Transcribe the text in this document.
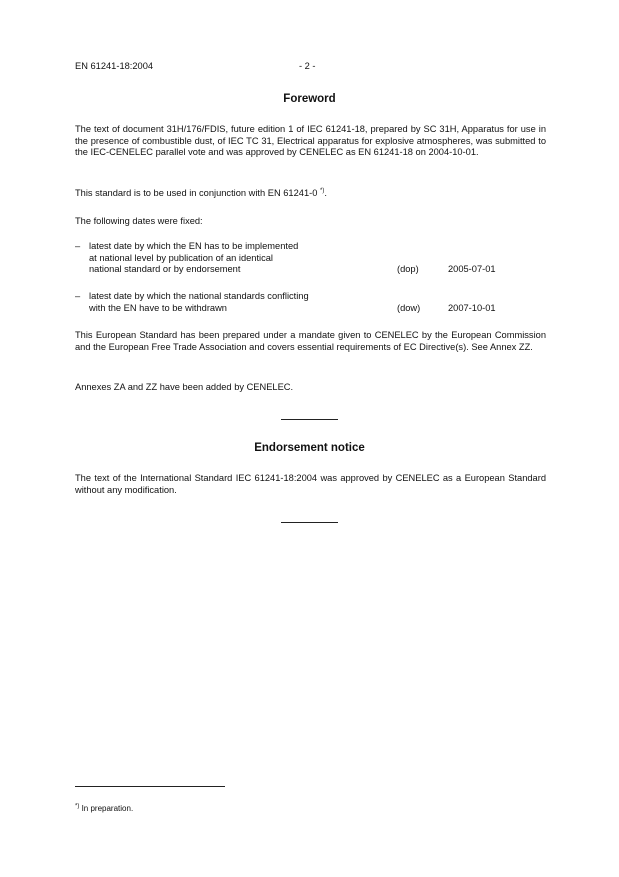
EN 61241-18:2004	- 2 -
Foreword
The text of document 31H/176/FDIS, future edition 1 of IEC 61241-18, prepared by SC 31H, Apparatus for use in the presence of combustible dust, of IEC TC 31, Electrical apparatus for explosive atmospheres, was submitted to the IEC-CENELEC parallel vote and was approved by CENELEC as EN 61241-18 on 2004-10-01.
This standard is to be used in conjunction with EN 61241-0 *).
The following dates were fixed:
– latest date by which the EN has to be implemented
at national level by publication of an identical
national standard or by endorsement	(dop)	2005-07-01
– latest date by which the national standards conflicting
with the EN have to be withdrawn	(dow)	2007-10-01
This European Standard has been prepared under a mandate given to CENELEC by the European Commission and the European Free Trade Association and covers essential requirements of EC Directive(s). See Annex ZZ.
Annexes ZA and ZZ have been added by CENELEC.
Endorsement notice
The text of the International Standard IEC 61241-18:2004 was approved by CENELEC as a European Standard without any modification.
*) In preparation.
